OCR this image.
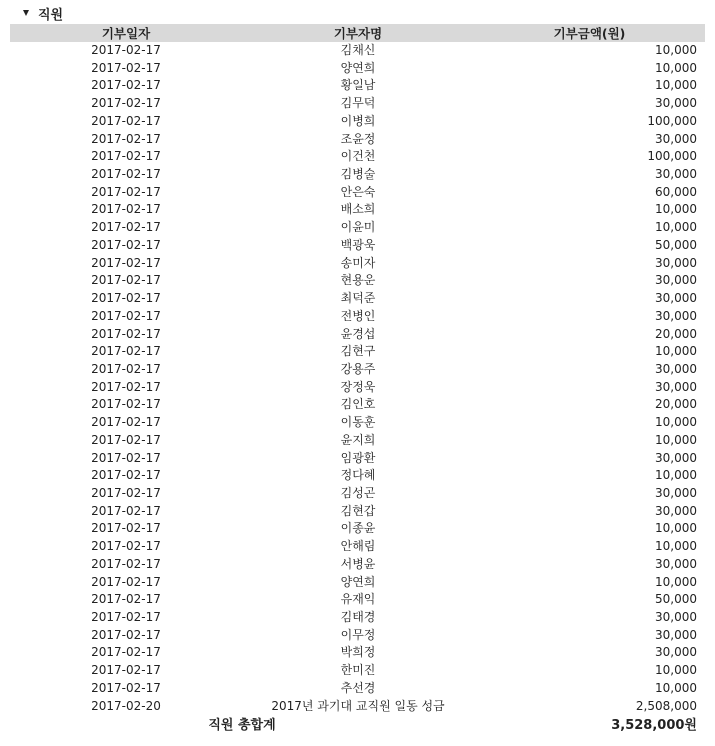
직원
기부일자	기부자명	기부금액(원)
2017-02-17	김채신	10,000
2017-02-17	양연희	10,000
2017-02-17	황일남	10,000
2017-02-17	김무덕	30,000
2017-02-17	이병희	100,000
2017-02-17	조윤정	30,000
2017-02-17	이건천	100,000
2017-02-17	김병술	30,000
2017-02-17	안은숙	60,000
2017-02-17	배소희	10,000
2017-02-17	이윤미	10,000
2017-02-17	백광욱	50,000
2017-02-17	송미자	30,000
2017-02-17	현용운	30,000
2017-02-17	최덕준	30,000
2017-02-17	전병인	30,000
2017-02-17	윤경섭	20,000
2017-02-17	김현구	10,000
2017-02-17	강용주	30,000
2017-02-17	장정욱	30,000
2017-02-17	김인호	20,000
2017-02-17	이동훈	10,000
2017-02-17	윤지희	10,000
2017-02-17	임광환	30,000
2017-02-17	정다혜	10,000
2017-02-17	김성곤	30,000
2017-02-17	김현갑	30,000
2017-02-17	이종윤	10,000
2017-02-17	안해림	10,000
2017-02-17	서병윤	30,000
2017-02-17	양연희	10,000
2017-02-17	유재익	50,000
2017-02-17	김태경	30,000
2017-02-17	이무정	30,000
2017-02-17	박희정	30,000
2017-02-17	한미진	10,000
2017-02-17	추선경	10,000
2017-02-20	2017년 과기대 교직원 일동 성금	2,508,000
직원 총합계		3,528,000원
